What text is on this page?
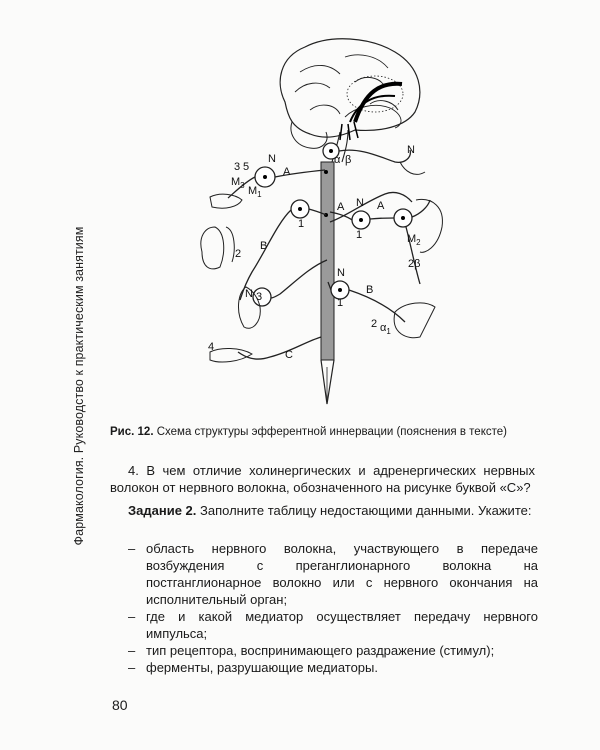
Фармакология. Руководство к практическим занятиям
α β
N
N
N
N
N 3
A
A	A
B
B
C
3 5
$M_3$ $M_1$
$M_2$
1
1
1
2
2β
2 $\alpha_1$
4
Рис. 12. Схема структуры эфферентной иннервации (пояснения в тексте)
4. В чем отличие холинергических и адренергических нервных волокон от нервного волокна, обозначенного на рисунке буквой «С»?
Задание 2. Заполните таблицу недостающими данными. Укажите:
– область нервного волокна, участвующего в передаче возбуждения с преганглионарного волокна на постганглионарное волокно или с нервного окончания на исполнительный орган;
– где и какой медиатор осуществляет передачу нервного импульса;
– тип рецептора, воспринимающего раздражение (стимул);
– ферменты, разрушающие медиаторы.
80
